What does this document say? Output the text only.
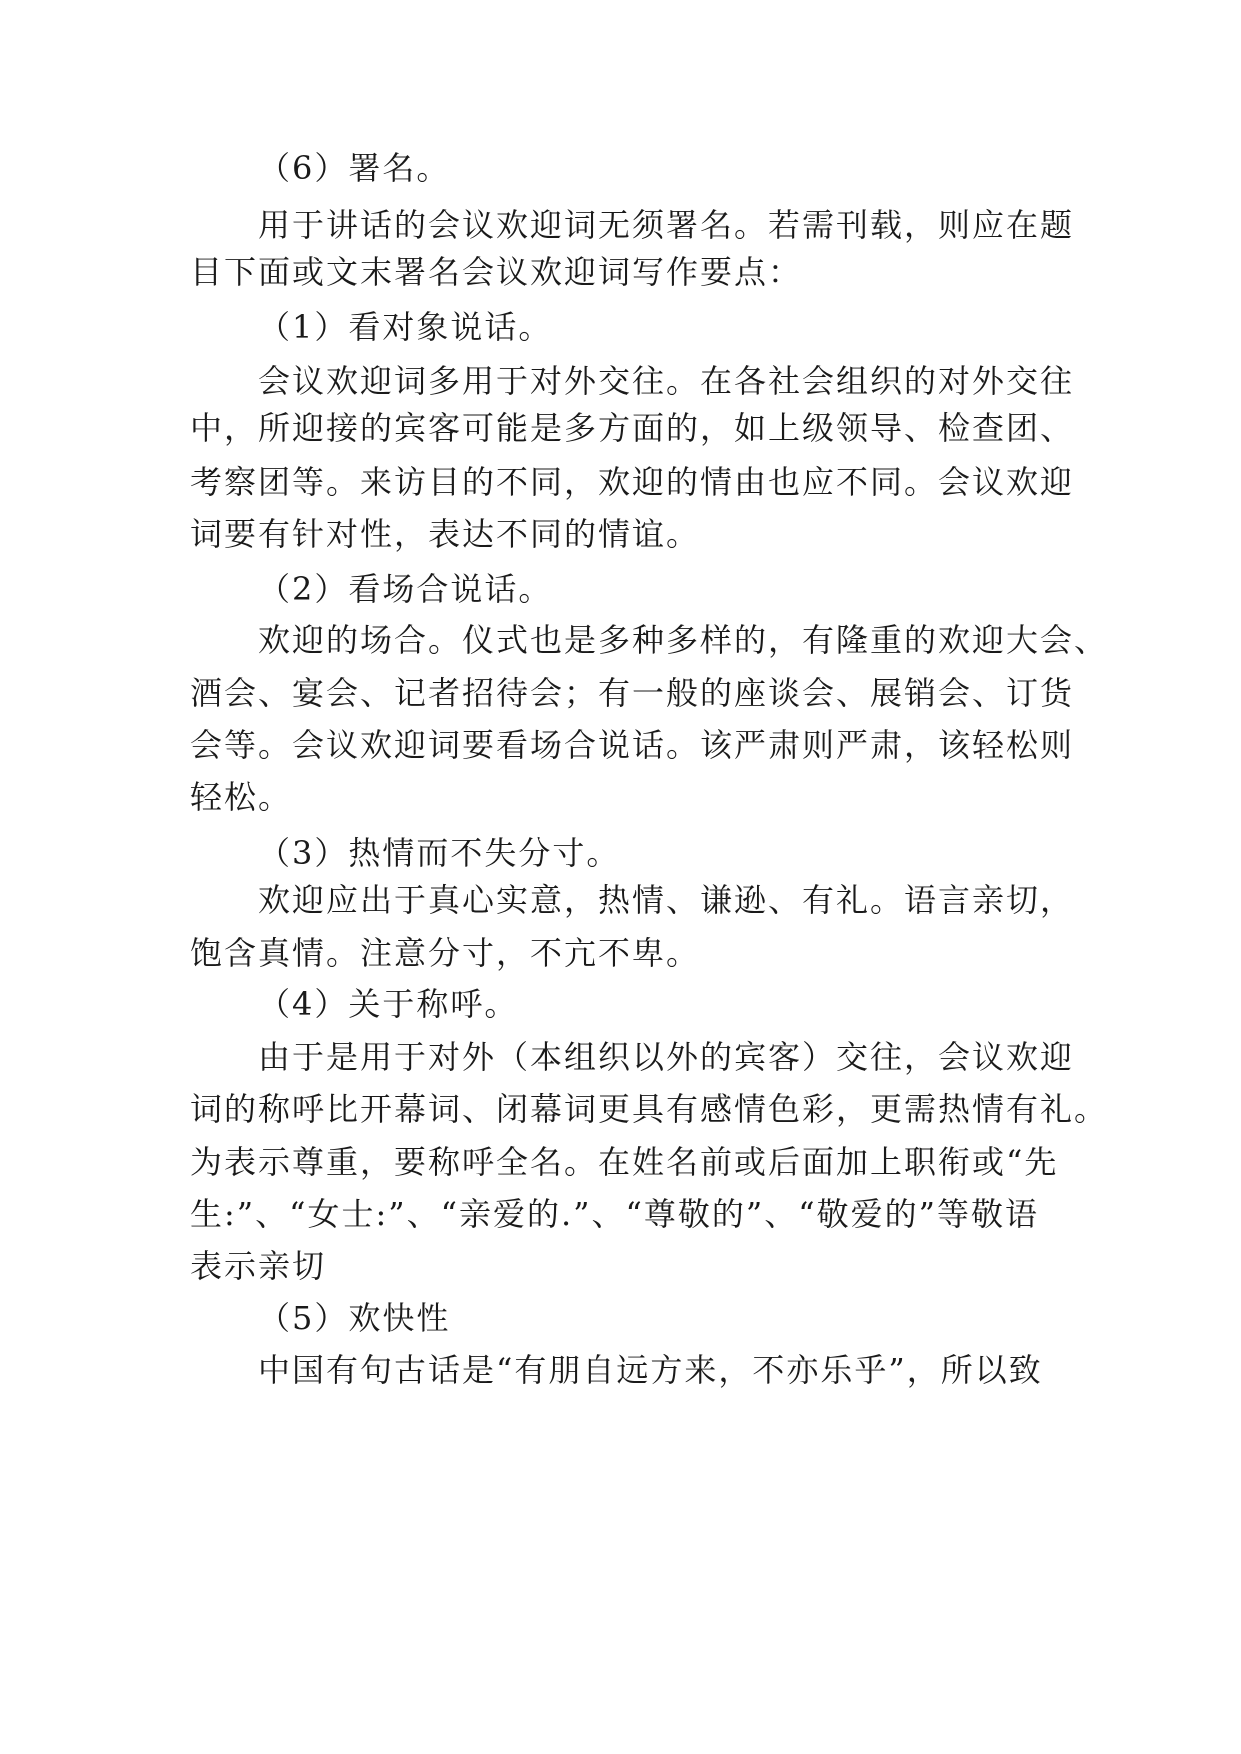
（6）署名。
用于讲话的会议欢迎词无须署名。若需刊载，则应在题
目下面或文末署名会议欢迎词写作要点：
（1）看对象说话。
会议欢迎词多用于对外交往。在各社会组织的对外交往
中，所迎接的宾客可能是多方面的，如上级领导、检查团、
考察团等。来访目的不同，欢迎的情由也应不同。会议欢迎
词要有针对性，表达不同的情谊。
（2）看场合说话。
欢迎的场合。仪式也是多种多样的，有隆重的欢迎大会、
酒会、宴会、记者招待会；有一般的座谈会、展销会、订货
会等。会议欢迎词要看场合说话。该严肃则严肃，该轻松则
轻松。
（3）热情而不失分寸。
欢迎应出于真心实意，热情、谦逊、有礼。语言亲切，
饱含真情。注意分寸，不亢不卑。
（4）关于称呼。
由于是用于对外（本组织以外的宾客）交往，会议欢迎
词的称呼比开幕词、闭幕词更具有感情色彩，更需热情有礼。
为表示尊重，要称呼全名。在姓名前或后面加上职衔或“先
生:”、“女士:”、“亲爱的.”、“尊敬的”、“敬爱的”等敬语
表示亲切
（5）欢快性
中国有句古话是“有朋自远方来，不亦乐乎”，所以致
